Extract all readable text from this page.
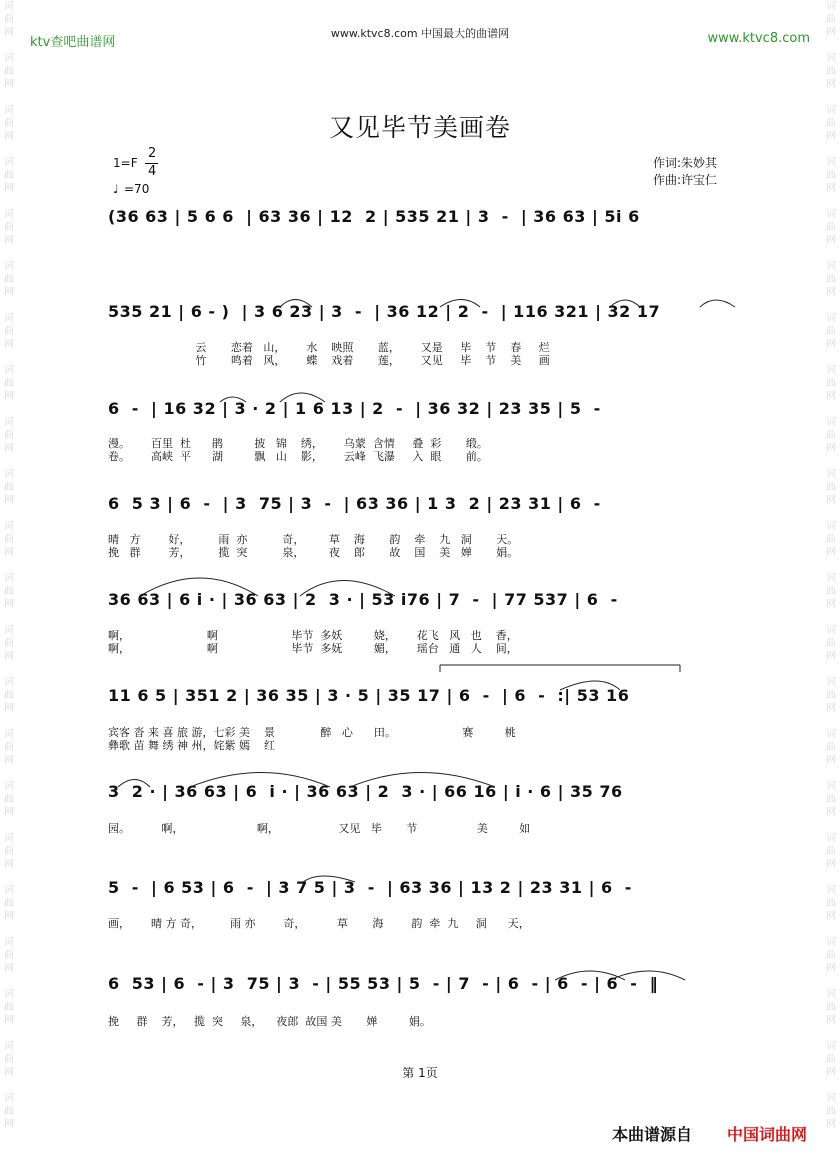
词
曲
网

词
曲
网

词
曲
网

词
曲
网

词
曲
网

词
曲
网

词
曲
网

词
曲
网

词
曲
网

词
曲
网

词
曲
网

词
曲
网

词
曲
网

词
曲
网

词
曲
网

词
曲
网

词
曲
网

词
曲
网

词
曲
网

词
曲
网

词
曲
网

词
曲
网
词
曲
网

词
曲
网

词
曲
网

词
曲
网

词
曲
网

词
曲
网

词
曲
网

词
曲
网

词
曲
网

词
曲
网

词
曲
网

词
曲
网

词
曲
网

词
曲
网

词
曲
网

词
曲
网

词
曲
网

词
曲
网

词
曲
网

词
曲
网

词
曲
网

词
曲
网
ktv查吧曲谱网
www.ktvc8.com 中国最大的曲谱网	www.ktvc8.com
又见毕节美画卷
1=F
2
4
♩ =70
作词:朱妙其
作曲:许宝仁
(36 63 | 5 6 6  | 63 36 | 12  2 | 535 21 | 3  -  | 36 63 | 5i 6
535 21 | 6 - )  | 3 6 23 | 3  -  | 36 12 | 2  -  | 116 321 | 32 17
云       恋着   山，      水    映照       蓝，      又是     毕    节    春     烂
竹       鸣着   风，      蝶    戏着       莲，      又见     毕    节    美     画
6  -  | 16 32 | 3 · 2 | 1 6 13 | 2  -  | 36 32 | 23 35 | 5  -
漫。      百里  杜      鹃         披   锦    绣，      乌蒙  含情     叠  彩       缎。
卷。      高峡  平      湖         飘   山    影，      云峰  飞瀑     入  眼       前。
6  5 3 | 6  -  | 3  75 | 3  -  | 63 36 | 1 3  2 | 23 31 | 6  -
晴   方        好，        雨  亦          奇，       草    海       韵    牵    九   洞       天。
挽   群        芳，        揽  突          泉，       夜    郎       故    国    美   婵       娟。
36 63 | 6 i · | 36 63 | 2  3 · | 53 i76 | 7  -  | 77 537 | 6  -
啊，                      啊                     毕节  多妖         娆，      花飞   风   也    香，
啊，                      啊                     毕节  多妩         媚，      瑶台   通   人    间，
11 6 5 | 351 2 | 36 35 | 3 · 5 | 35 17 | 6  -  | 6  -  :| 53 16
宾客 沓 来 喜 旅 游，七彩 美    景             醉   心      田。                   赛         桃
彝歌 苗 舞 绣 神 州，姹紫 嫣    红
3  2 · | 36 63 | 6  i · | 36 63 | 2  3 · | 66 16 | i · 6 | 35 76
园。         啊，                     啊，                 又见   毕       节                 美         如
5  -  | 6 53 | 6  -  | 3 7 5 | 3  -  | 63 36 | 13 2 | 23 31 | 6  -
画，      晴 方 奇，        雨 亦        奇，         草       海        韵  牵  九     洞      天，
6  53 | 6  - | 3  75 | 3  - | 55 53 | 5  - | 7  - | 6  - | 6  - | 6  -  ‖
挽     群    芳，   揽  突     泉，    夜郎  故国 美       婵         娟。
第 1页
本曲谱源自 中国词曲网
